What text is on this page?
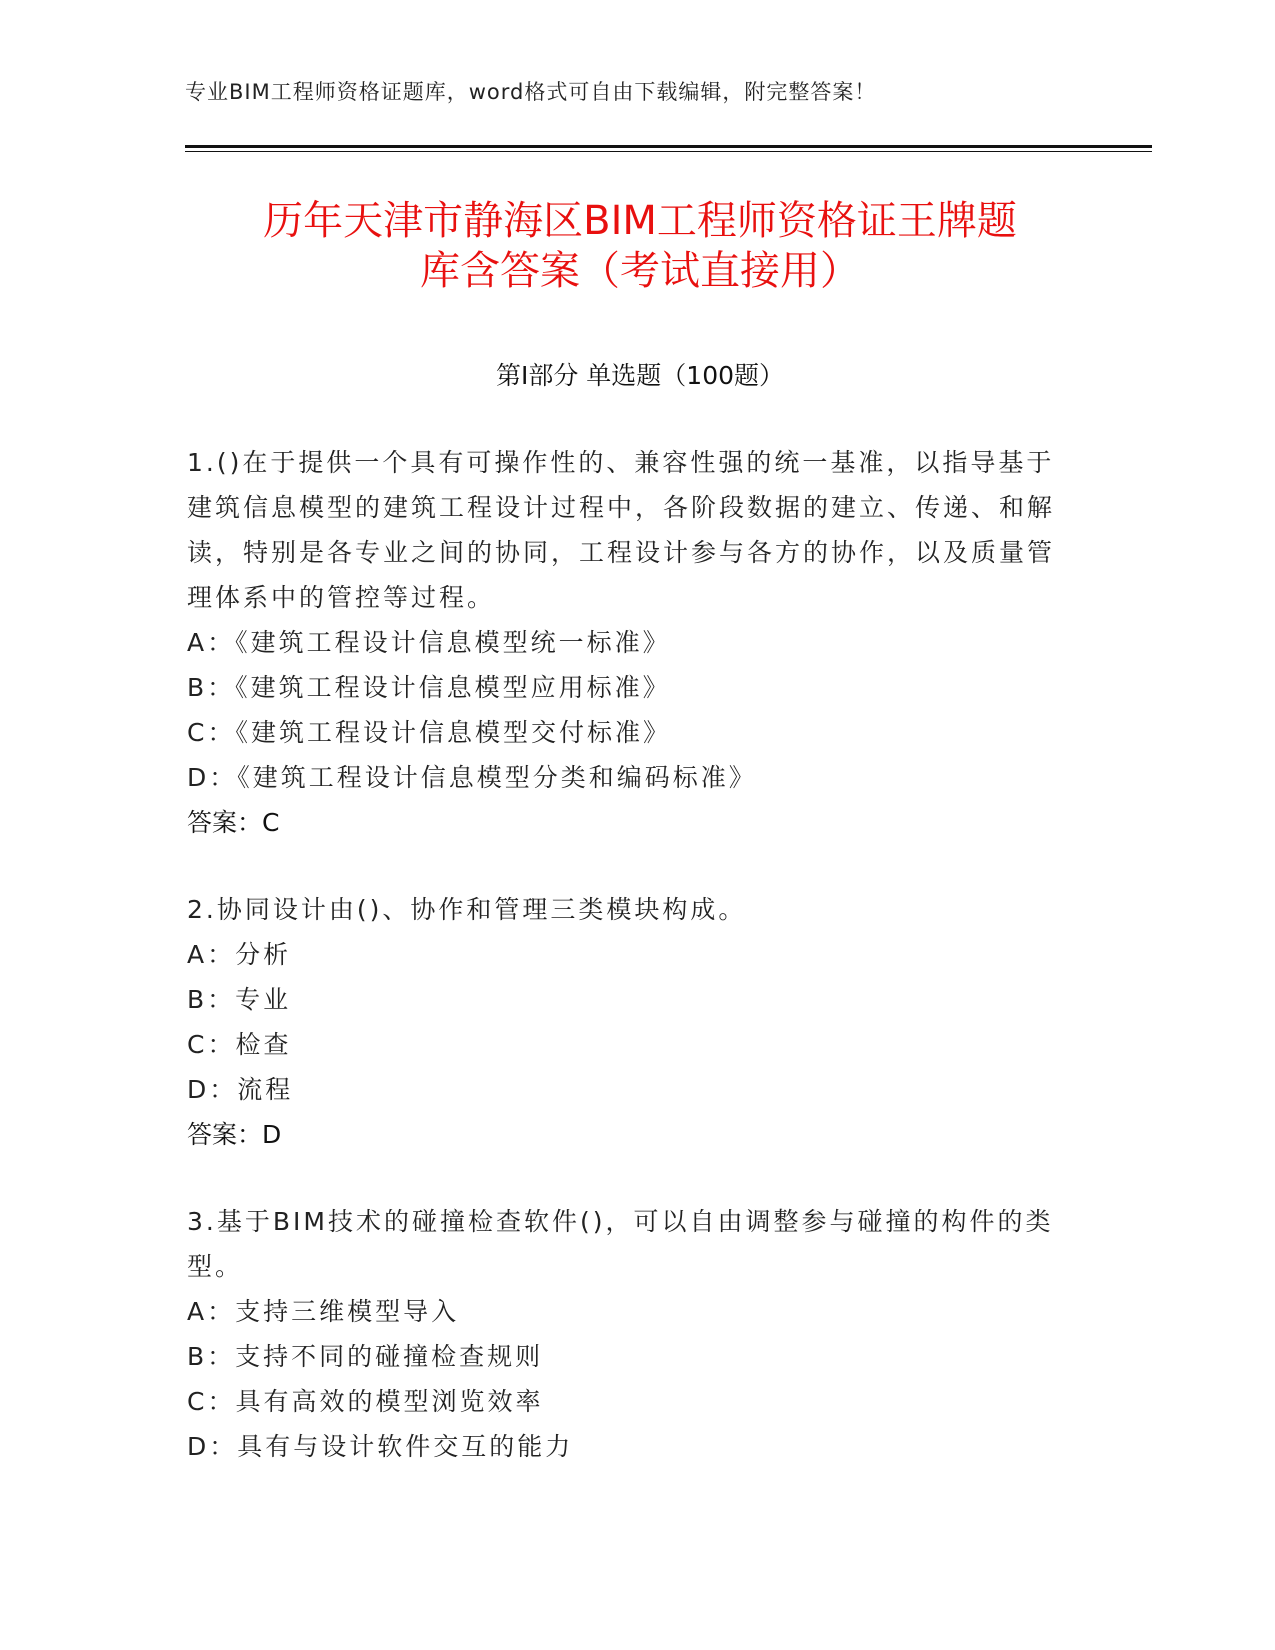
专业BIM工程师资格证题库，word格式可自由下载编辑，附完整答案！
历年天津市静海区BIM工程师资格证王牌题
库含答案（考试直接用）
第Ⅰ部分 单选题（100题）
1.()在于提供一个具有可操作性的、兼容性强的统一基准，以指导基于建筑信息模型的建筑工程设计过程中，各阶段数据的建立、传递、和解读，特别是各专业之间的协同，工程设计参与各方的协作，以及质量管理体系中的管控等过程。
A：《建筑工程设计信息模型统一标准》
B：《建筑工程设计信息模型应用标准》
C：《建筑工程设计信息模型交付标准》
D：《建筑工程设计信息模型分类和编码标准》
答案：C
2.协同设计由()、协作和管理三类模块构成。
A：分析
B：专业
C：检查
D：流程
答案：D
3.基于BIM技术的碰撞检查软件()，可以自由调整参与碰撞的构件的类型。
A：支持三维模型导入
B：支持不同的碰撞检查规则
C：具有高效的模型浏览效率
D：具有与设计软件交互的能力
